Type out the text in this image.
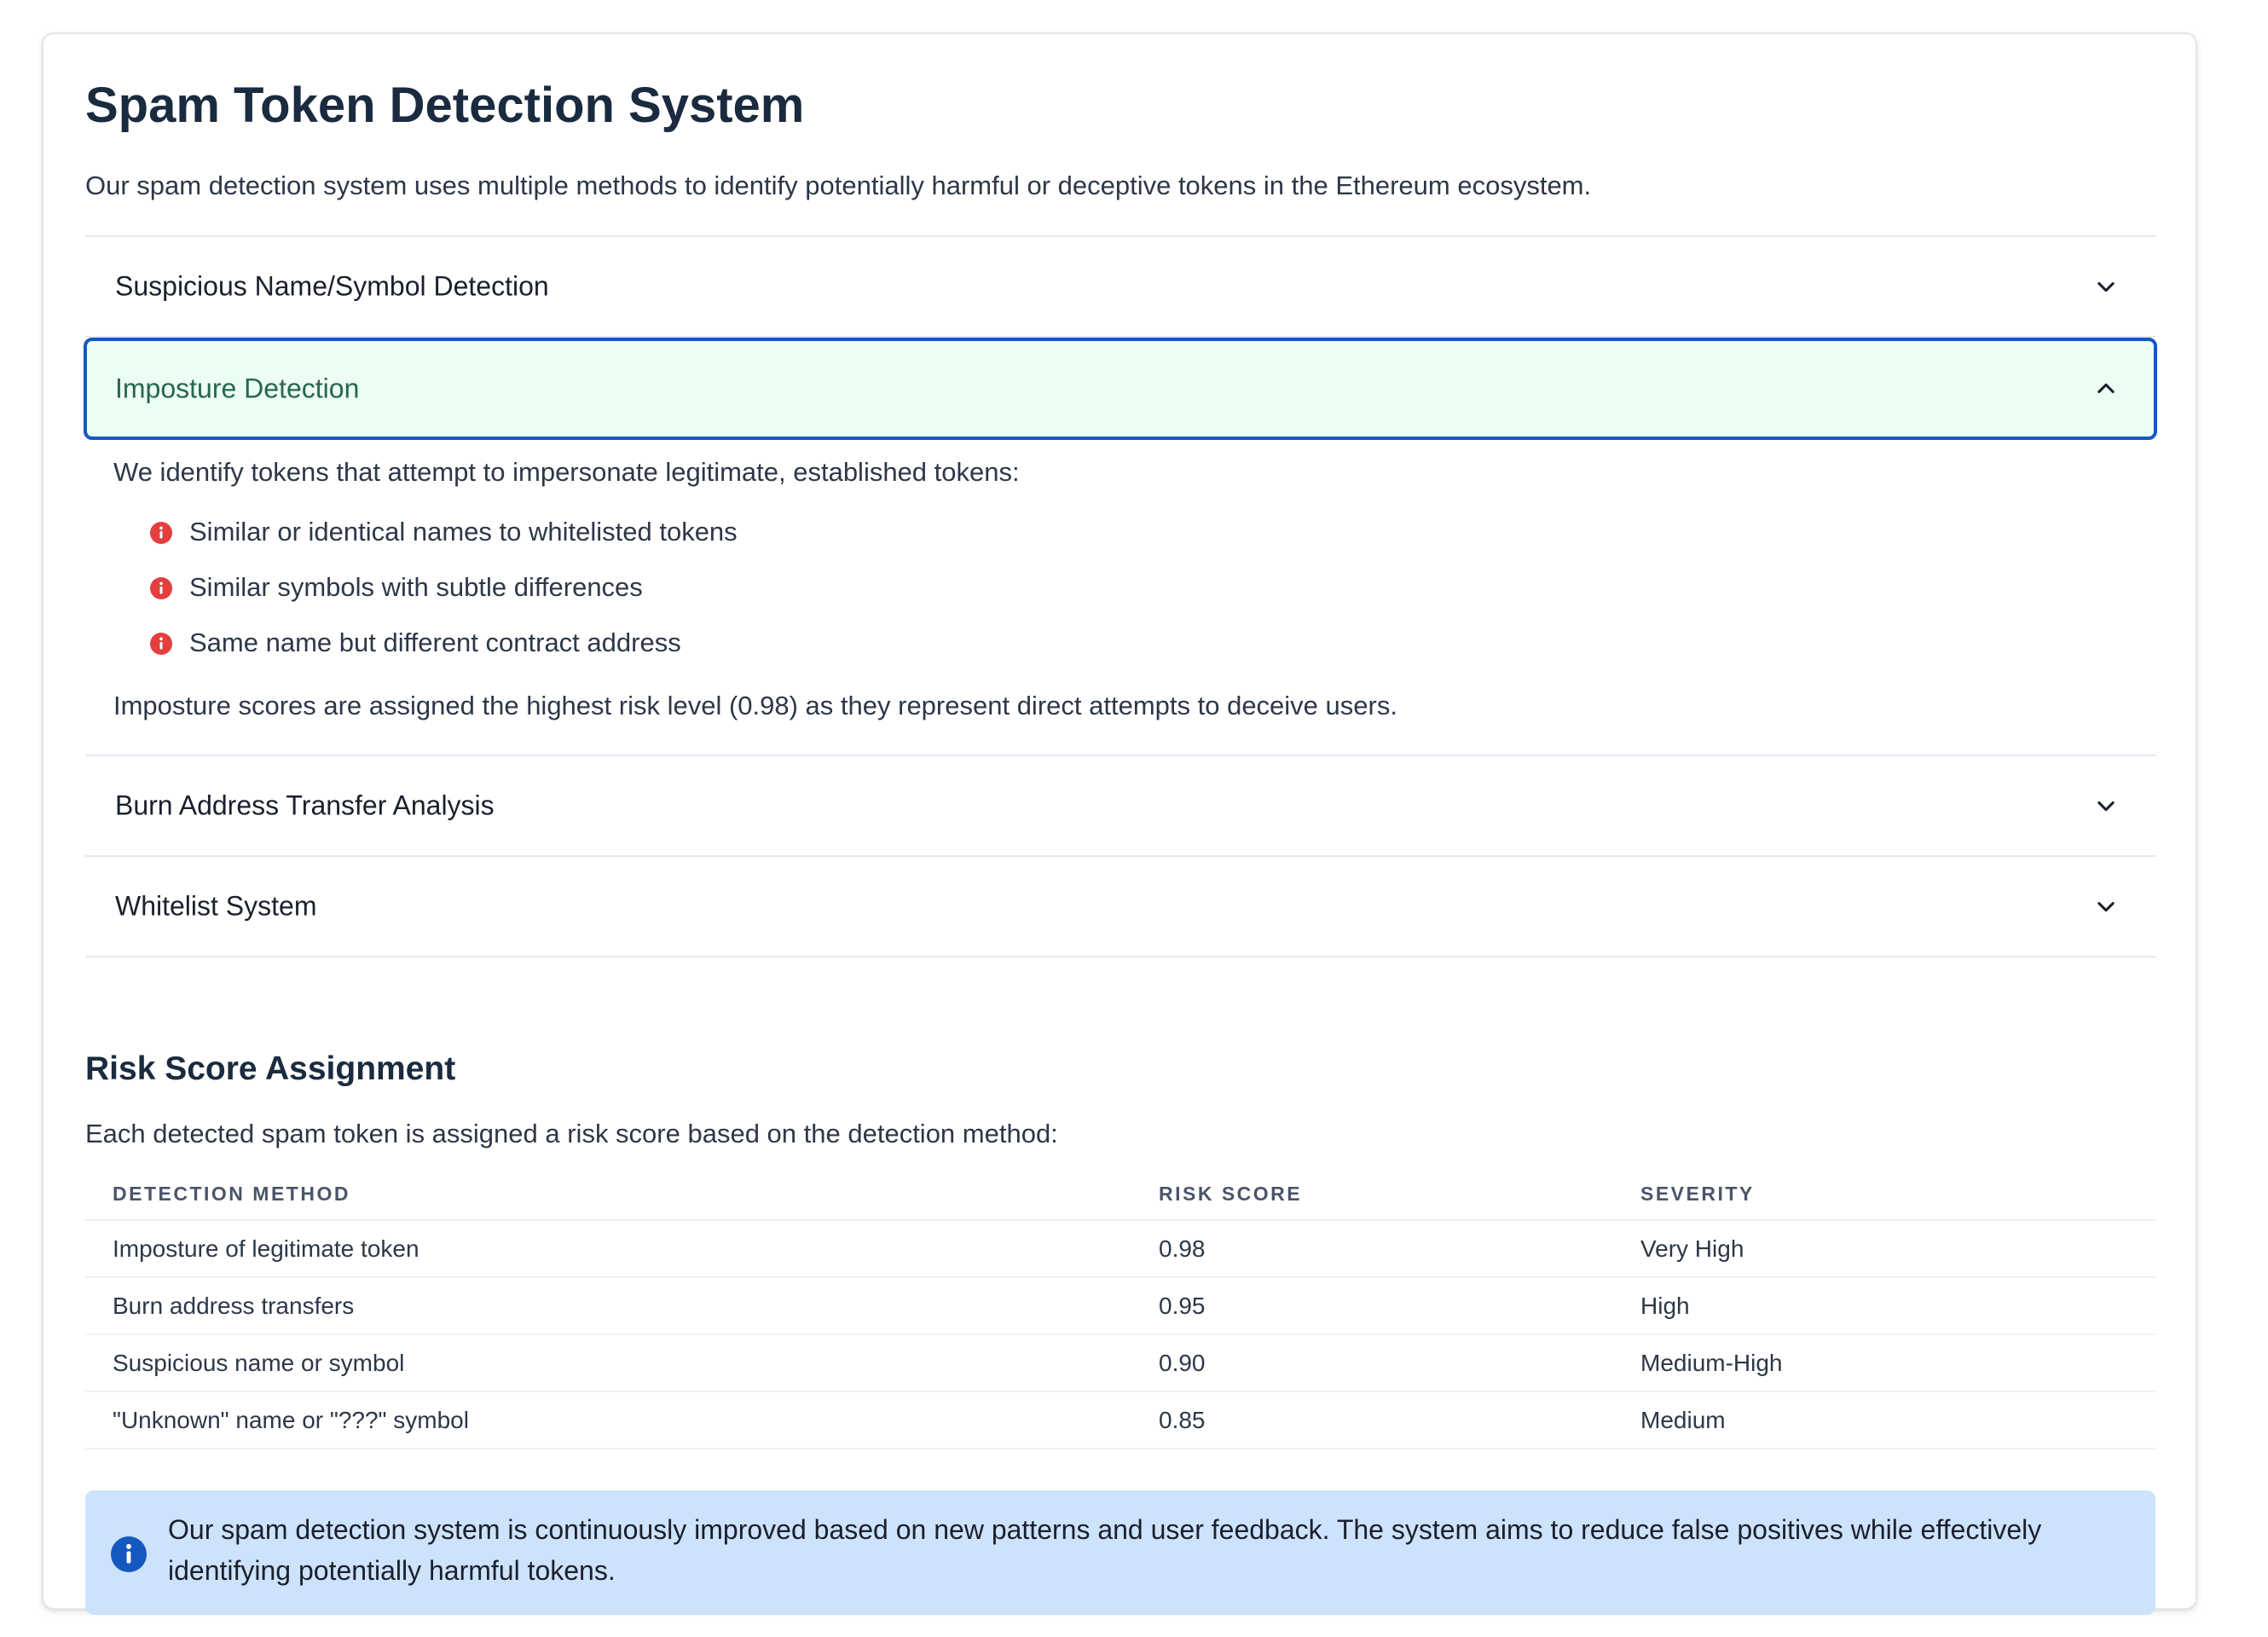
Spam Token Detection System

Our spam detection system uses multiple methods to identify potentially harmful or deceptive tokens in the Ethereum ecosystem.

Suspicious Name/Symbol Detection
Imposture Detection

We identify tokens that attempt to impersonate legitimate, established tokens:

Similar or identical names to whitelisted tokens
Similar symbols with subtle differences
Same name but different contract address

Imposture scores are assigned the highest risk level (0.98) as they represent direct attempts to deceive users.

Burn Address Transfer Analysis
Whitelist System
Risk Score Assignment

Each detected spam token is assigned a risk score based on the detection method:

DETECTION METHOD	RISK SCORE	SEVERITY
Imposture of legitimate token	0.98	Very High
Burn address transfers	0.95	High
Suspicious name or symbol	0.90	Medium-High
"Unknown" name or "???" symbol	0.85	Medium

Our spam detection system is continuously improved based on new patterns and user feedback. The system aims to reduce false positives while effectively identifying potentially harmful tokens.
